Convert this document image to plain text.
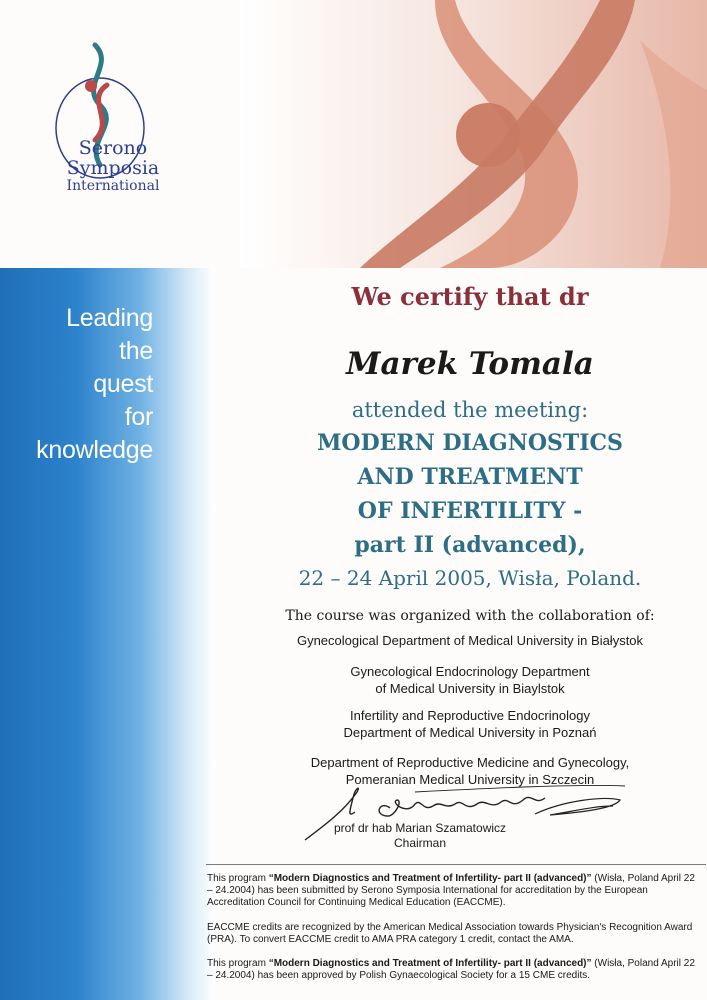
Serono
Symposia
International
Leading
the
quest
for
knowledge
We certify that dr
Marek Tomala
attended the meeting:
MODERN DIAGNOSTICS
AND TREATMENT
OF INFERTILITY -
part II (advanced),
22 – 24 April 2005, Wisła, Poland.
The course was organized with the collaboration of:
Gynecological Department of Medical University in Białystok
Gynecological Endocrinology Department
of Medical University in Biaylstok
Infertility and Reproductive Endocrinology
Department of Medical University in Poznań
Department of Reproductive Medicine and Gynecology,
Pomeranian Medical University in Szczecin
prof dr hab Marian Szamatowicz
Chairman
This program “Modern Diagnostics and Treatment of Infertility- part II (advanced)” (Wisła, Poland April 22 – 24.2004) has been submitted by Serono Symposia International for accreditation by the European Accreditation Council for Continuing Medical Education (EACCME).
EACCME credits are recognized by the American Medical Association towards Physician's Recognition Award (PRA). To convert EACCME credit to AMA PRA category 1 credit, contact the AMA.
This program “Modern Diagnostics and Treatment of Infertility- part II (advanced)” (Wisła, Poland April 22 – 24.2004) has been approved by Polish Gynaecological Society for a 15 CME credits.
